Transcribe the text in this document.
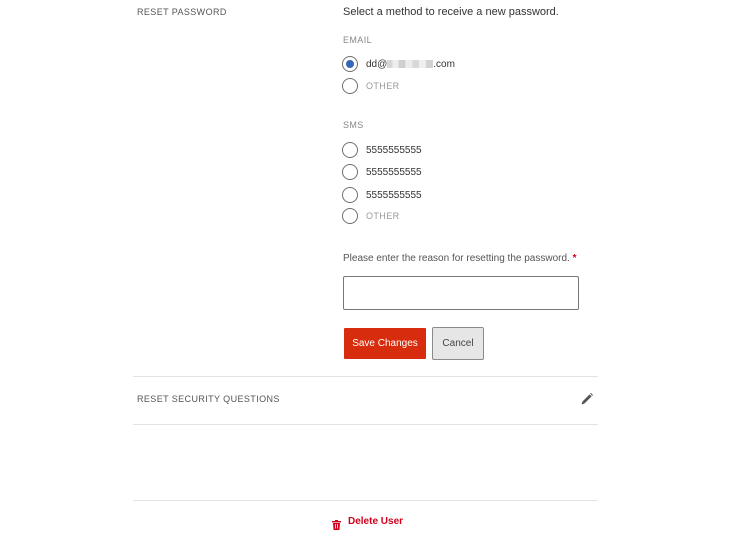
RESET PASSWORD	Select a method to receive a new password.
EMAIL
dd@	.com
OTHER
SMS
5555555555
5555555555
5555555555
OTHER
Please enter the reason for resetting the password. *
Save Changes	Cancel
RESET SECURITY QUESTIONS
Delete User
